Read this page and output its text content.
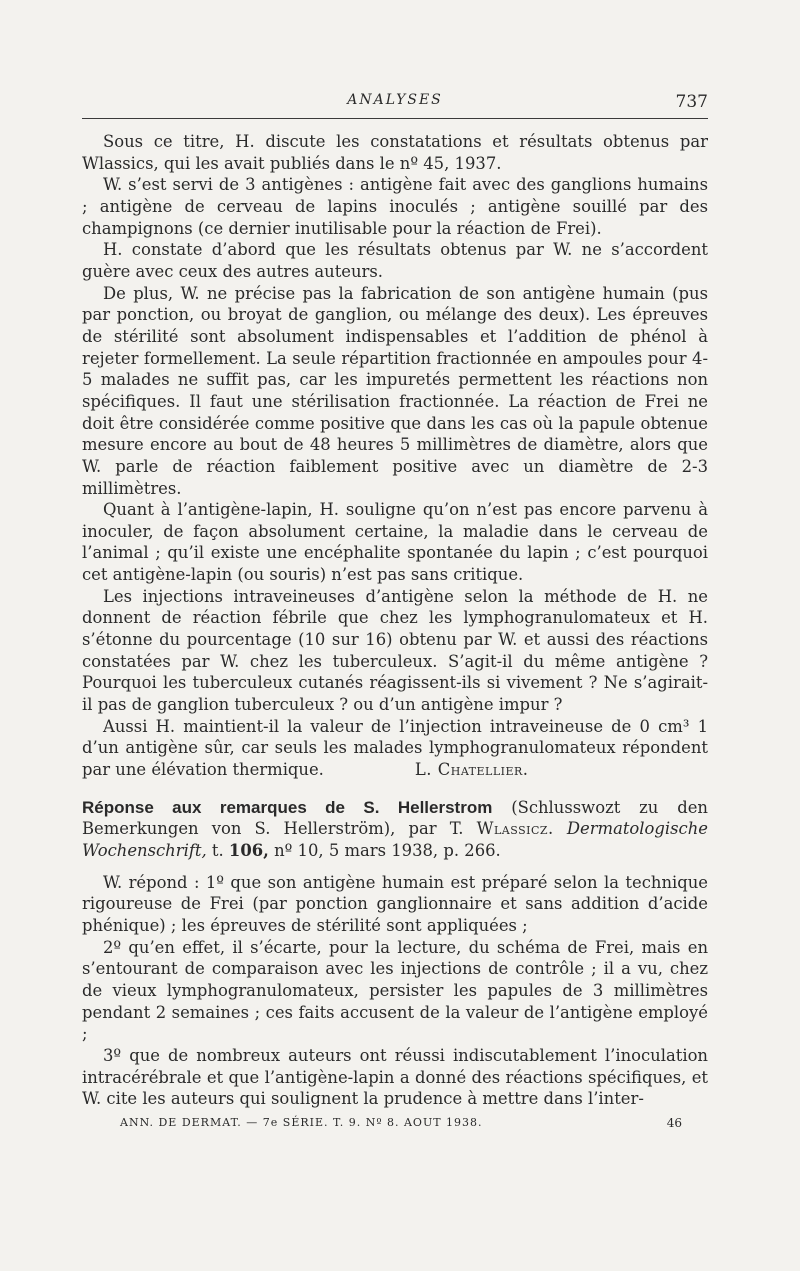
ANALYSES	737

Sous ce titre, H. discute les constatations et résultats obtenus par Wlassics, qui les avait publiés dans le nº 45, 1937.

W. s’est servi de 3 antigènes : antigène fait avec des ganglions humains ; antigène de cerveau de lapins inoculés ; antigène souillé par des champignons (ce dernier inutilisable pour la réaction de Frei).

H. constate d’abord que les résultats obtenus par W. ne s’accordent guère avec ceux des autres auteurs.

De plus, W. ne précise pas la fabrication de son antigène humain (pus par ponction, ou broyat de ganglion, ou mélange des deux). Les épreuves de stérilité sont absolument indispensables et l’addition de phénol à rejeter formellement. La seule répartition fractionnée en ampoules pour 4-5 malades ne suffit pas, car les impuretés permettent les réactions non spécifiques. Il faut une stérilisation fractionnée. La réaction de Frei ne doit être considérée comme positive que dans les cas où la papule obtenue mesure encore au bout de 48 heures 5 millimètres de diamètre, alors que W. parle de réaction faiblement positive avec un diamètre de 2-3 millimètres.

Quant à l’antigène-lapin, H. souligne qu’on n’est pas encore parvenu à inoculer, de façon absolument certaine, la maladie dans le cerveau de l’animal ; qu’il existe une encéphalite spontanée du lapin ; c’est pourquoi cet antigène-lapin (ou souris) n’est pas sans critique.

Les injections intraveineuses d’antigène selon la méthode de H. ne donnent de réaction fébrile que chez les lymphogranulomateux et H. s’étonne du pourcentage (10 sur 16) obtenu par W. et aussi des réactions constatées par W. chez les tuberculeux. S’agit-il du même antigène ? Pourquoi les tuberculeux cutanés réagissent-ils si vivement ? Ne s’agirait-il pas de ganglion tuberculeux ? ou d’un antigène impur ?

Aussi H. maintient-il la valeur de l’injection intraveineuse de 0 cm³ 1 d’un antigène sûr, car seuls les malades lymphogranulomateux répondent par une élévation thermique.	L. Chatellier.

Réponse aux remarques de S. Hellerstrom (Schlusswozt zu den Bemerkungen von S. Hellerström), par T. Wlassicz. Dermatologische Wochenschrift, t. 106, nº 10, 5 mars 1938, p. 266.

W. répond : 1º que son antigène humain est préparé selon la technique rigoureuse de Frei (par ponction ganglionnaire et sans addition d’acide phénique) ; les épreuves de stérilité sont appliquées ;

2º qu’en effet, il s’écarte, pour la lecture, du schéma de Frei, mais en s’entourant de comparaison avec les injections de contrôle ; il a vu, chez de vieux lymphogranulomateux, persister les papules de 3 millimètres pendant 2 semaines ; ces faits accusent de la valeur de l’antigène employé ;

3º que de nombreux auteurs ont réussi indiscutablement l’inoculation intracérébrale et que l’antigène-lapin a donné des réactions spécifiques, et W. cite les auteurs qui soulignent la prudence à mettre dans l’inter-

ANN. DE DERMAT. — 7e SÉRIE. T. 9. Nº 8. AOUT 1938.	46
